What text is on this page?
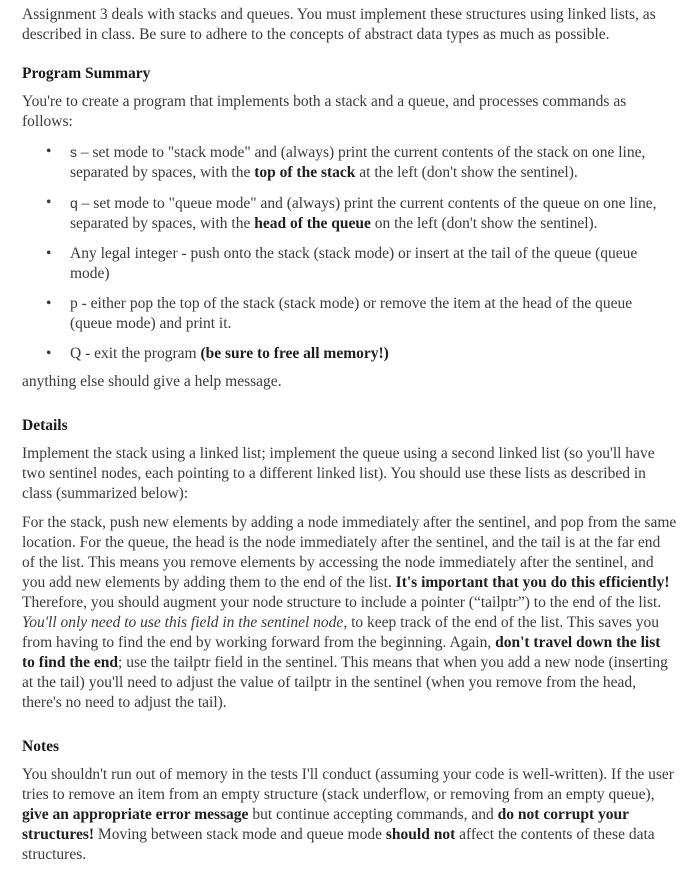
Assignment 3 deals with stacks and queues. You must implement these structures using linked lists, as described in class. Be sure to adhere to the concepts of abstract data types as much as possible.

Program Summary

You're to create a program that implements both a stack and a queue, and processes commands as follows:

• s – set mode to "stack mode" and (always) print the current contents of the stack on one line, separated by spaces, with the top of the stack at the left (don't show the sentinel).
• q – set mode to "queue mode" and (always) print the current contents of the queue on one line, separated by spaces, with the head of the queue on the left (don't show the sentinel).
• Any legal integer - push onto the stack (stack mode) or insert at the tail of the queue (queue mode)
• p - either pop the top of the stack (stack mode) or remove the item at the head of the queue (queue mode) and print it.
• Q - exit the program (be sure to free all memory!)

anything else should give a help message.

Details

Implement the stack using a linked list; implement the queue using a second linked list (so you'll have two sentinel nodes, each pointing to a different linked list). You should use these lists as described in class (summarized below):

For the stack, push new elements by adding a node immediately after the sentinel, and pop from the same location. For the queue, the head is the node immediately after the sentinel, and the tail is at the far end of the list. This means you remove elements by accessing the node immediately after the sentinel, and you add new elements by adding them to the end of the list. It's important that you do this efficiently! Therefore, you should augment your node structure to include a pointer (“tailptr”) to the end of the list. You'll only need to use this field in the sentinel node, to keep track of the end of the list. This saves you from having to find the end by working forward from the beginning. Again, don't travel down the list to find the end; use the tailptr field in the sentinel. This means that when you add a new node (inserting at the tail) you'll need to adjust the value of tailptr in the sentinel (when you remove from the head, there's no need to adjust the tail).

Notes

You shouldn't run out of memory in the tests I'll conduct (assuming your code is well-written). If the user tries to remove an item from an empty structure (stack underflow, or removing from an empty queue), give an appropriate error message but continue accepting commands, and do not corrupt your structures! Moving between stack mode and queue mode should not affect the contents of these data structures.
